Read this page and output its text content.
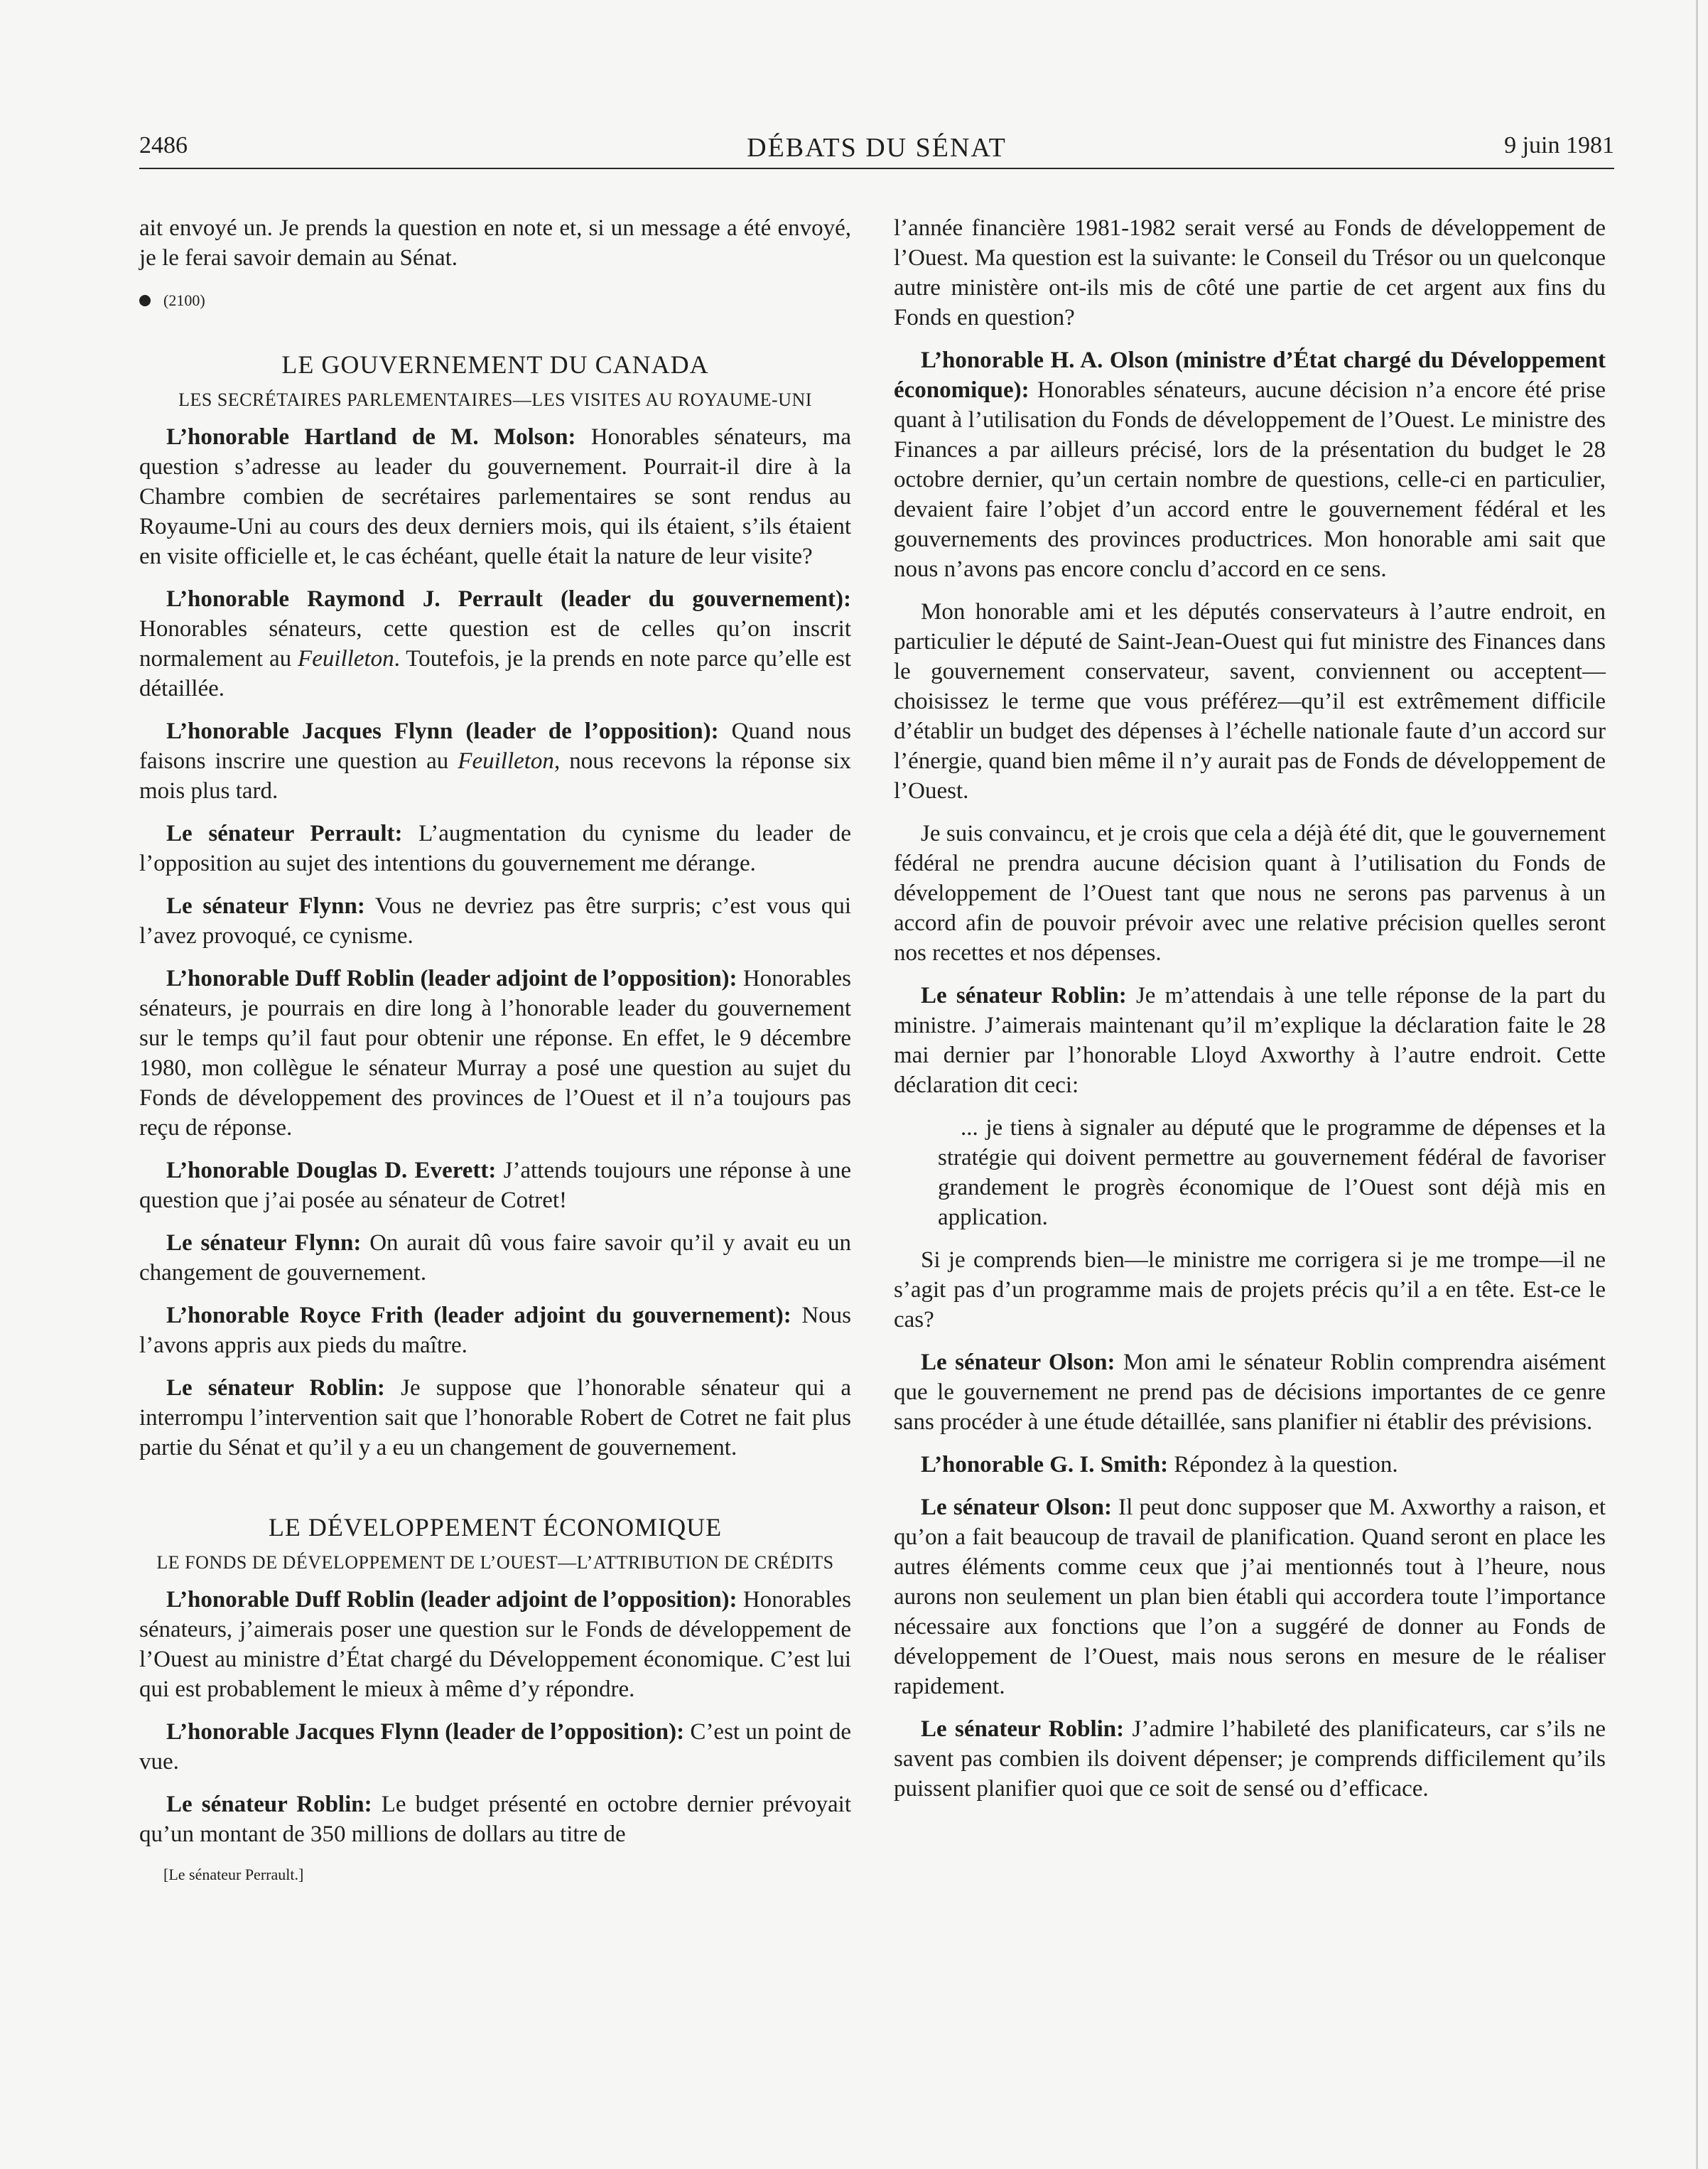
2486	DÉBATS DU SÉNAT	9 juin 1981

ait envoyé un. Je prends la question en note et, si un message a été envoyé, je le ferai savoir demain au Sénat.

(2100)
LE GOUVERNEMENT DU CANADA
LES SECRÉTAIRES PARLEMENTAIRES—LES VISITES AU ROYAUME-UNI

L’honorable Hartland de M. Molson: Honorables sénateurs, ma question s’adresse au leader du gouvernement. Pourrait-il dire à la Chambre combien de secrétaires parlementaires se sont rendus au Royaume-Uni au cours des deux derniers mois, qui ils étaient, s’ils étaient en visite officielle et, le cas échéant, quelle était la nature de leur visite?

L’honorable Raymond J. Perrault (leader du gouvernement): Honorables sénateurs, cette question est de celles qu’on inscrit normalement au Feuilleton. Toutefois, je la prends en note parce qu’elle est détaillée.

L’honorable Jacques Flynn (leader de l’opposition): Quand nous faisons inscrire une question au Feuilleton, nous recevons la réponse six mois plus tard.

Le sénateur Perrault: L’augmentation du cynisme du leader de l’opposition au sujet des intentions du gouvernement me dérange.

Le sénateur Flynn: Vous ne devriez pas être surpris; c’est vous qui l’avez provoqué, ce cynisme.

L’honorable Duff Roblin (leader adjoint de l’opposition): Honorables sénateurs, je pourrais en dire long à l’honorable leader du gouvernement sur le temps qu’il faut pour obtenir une réponse. En effet, le 9 décembre 1980, mon collègue le sénateur Murray a posé une question au sujet du Fonds de développement des provinces de l’Ouest et il n’a toujours pas reçu de réponse.

L’honorable Douglas D. Everett: J’attends toujours une réponse à une question que j’ai posée au sénateur de Cotret!

Le sénateur Flynn: On aurait dû vous faire savoir qu’il y avait eu un changement de gouvernement.

L’honorable Royce Frith (leader adjoint du gouvernement): Nous l’avons appris aux pieds du maître.

Le sénateur Roblin: Je suppose que l’honorable sénateur qui a interrompu l’intervention sait que l’honorable Robert de Cotret ne fait plus partie du Sénat et qu’il y a eu un changement de gouvernement.

LE DÉVELOPPEMENT ÉCONOMIQUE
LE FONDS DE DÉVELOPPEMENT DE L’OUEST—L’ATTRIBUTION DE CRÉDITS

L’honorable Duff Roblin (leader adjoint de l’opposition): Honorables sénateurs, j’aimerais poser une question sur le Fonds de développement de l’Ouest au ministre d’État chargé du Développement économique. C’est lui qui est probablement le mieux à même d’y répondre.

L’honorable Jacques Flynn (leader de l’opposition): C’est un point de vue.

Le sénateur Roblin: Le budget présenté en octobre dernier prévoyait qu’un montant de 350 millions de dollars au titre de

[Le sénateur Perrault.]

l’année financière 1981-1982 serait versé au Fonds de développement de l’Ouest. Ma question est la suivante: le Conseil du Trésor ou un quelconque autre ministère ont-ils mis de côté une partie de cet argent aux fins du Fonds en question?

L’honorable H. A. Olson (ministre d’État chargé du Développement économique): Honorables sénateurs, aucune décision n’a encore été prise quant à l’utilisation du Fonds de développement de l’Ouest. Le ministre des Finances a par ailleurs précisé, lors de la présentation du budget le 28 octobre dernier, qu’un certain nombre de questions, celle-ci en particulier, devaient faire l’objet d’un accord entre le gouvernement fédéral et les gouvernements des provinces productrices. Mon honorable ami sait que nous n’avons pas encore conclu d’accord en ce sens.

Mon honorable ami et les députés conservateurs à l’autre endroit, en particulier le député de Saint-Jean-Ouest qui fut ministre des Finances dans le gouvernement conservateur, savent, conviennent ou acceptent—choisissez le terme que vous préférez—qu’il est extrêmement difficile d’établir un budget des dépenses à l’échelle nationale faute d’un accord sur l’énergie, quand bien même il n’y aurait pas de Fonds de développement de l’Ouest.

Je suis convaincu, et je crois que cela a déjà été dit, que le gouvernement fédéral ne prendra aucune décision quant à l’utilisation du Fonds de développement de l’Ouest tant que nous ne serons pas parvenus à un accord afin de pouvoir prévoir avec une relative précision quelles seront nos recettes et nos dépenses.

Le sénateur Roblin: Je m’attendais à une telle réponse de la part du ministre. J’aimerais maintenant qu’il m’explique la déclaration faite le 28 mai dernier par l’honorable Lloyd Axworthy à l’autre endroit. Cette déclaration dit ceci:

... je tiens à signaler au député que le programme de dépenses et la stratégie qui doivent permettre au gouvernement fédéral de favoriser grandement le progrès économique de l’Ouest sont déjà mis en application.

Si je comprends bien—le ministre me corrigera si je me trompe—il ne s’agit pas d’un programme mais de projets précis qu’il a en tête. Est-ce le cas?

Le sénateur Olson: Mon ami le sénateur Roblin comprendra aisément que le gouvernement ne prend pas de décisions importantes de ce genre sans procéder à une étude détaillée, sans planifier ni établir des prévisions.

L’honorable G. I. Smith: Répondez à la question.

Le sénateur Olson: Il peut donc supposer que M. Axworthy a raison, et qu’on a fait beaucoup de travail de planification. Quand seront en place les autres éléments comme ceux que j’ai mentionnés tout à l’heure, nous aurons non seulement un plan bien établi qui accordera toute l’importance nécessaire aux fonctions que l’on a suggéré de donner au Fonds de développement de l’Ouest, mais nous serons en mesure de le réaliser rapidement.

Le sénateur Roblin: J’admire l’habileté des planificateurs, car s’ils ne savent pas combien ils doivent dépenser; je comprends difficilement qu’ils puissent planifier quoi que ce soit de sensé ou d’efficace.
